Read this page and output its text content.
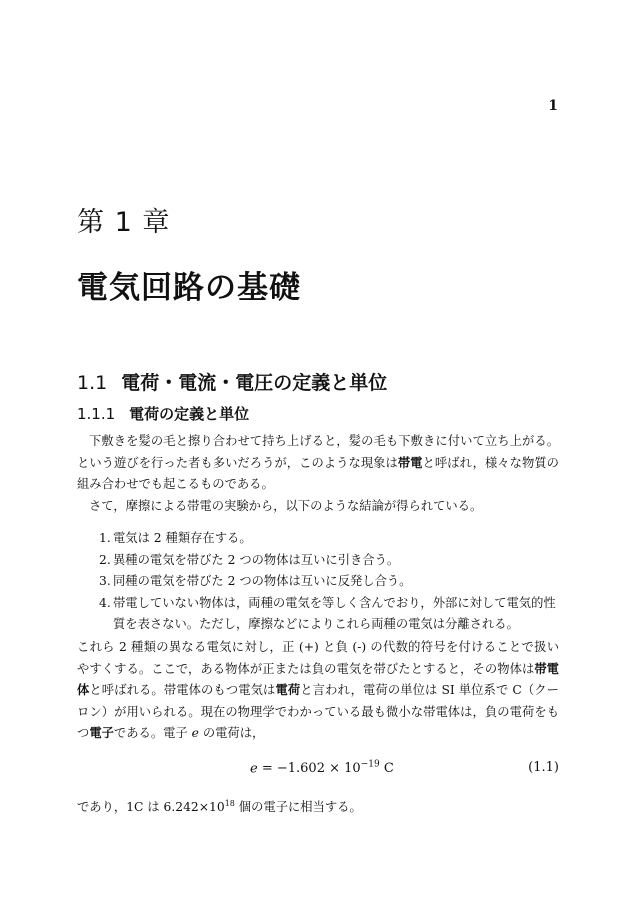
1
第 1 章
電気回路の基礎
1.1 電荷・電流・電圧の定義と単位
1.1.1 電荷の定義と単位

下敷きを髪の毛と擦り合わせて持ち上げると，髪の毛も下敷きに付いて立ち上がる。という遊びを行った者も多いだろうが，このような現象は帯電と呼ばれ，様々な物質の組み合わせでも起こるものである。

さて，摩擦による帯電の実験から，以下のような結論が得られている。

1. 電気は 2 種類存在する。
2. 異種の電気を帯びた 2 つの物体は互いに引き合う。
3. 同種の電気を帯びた 2 つの物体は互いに反発し合う。
4. 帯電していない物体は，両種の電気を等しく含んでおり，外部に対して電気的性質を表さない。ただし，摩擦などによりこれら両種の電気は分離される。

これら 2 種類の異なる電気に対し，正 (+) と負 (-) の代数的符号を付けることで扱いやすくする。ここで，ある物体が正または負の電気を帯びたとすると，その物体は帯電体と呼ばれる。帯電体のもつ電気は電荷と言われ，電荷の単位は SI 単位系で C（クーロン）が用いられる。現在の物理学でわかっている最も微小な帯電体は，負の電荷をもつ電子である。電子 e の電荷は，

$e = -1.602 \times 10^{-19}$ C	(1.1)

であり，1C は $6.242\times 10^{18}$ 個の電子に相当する。
